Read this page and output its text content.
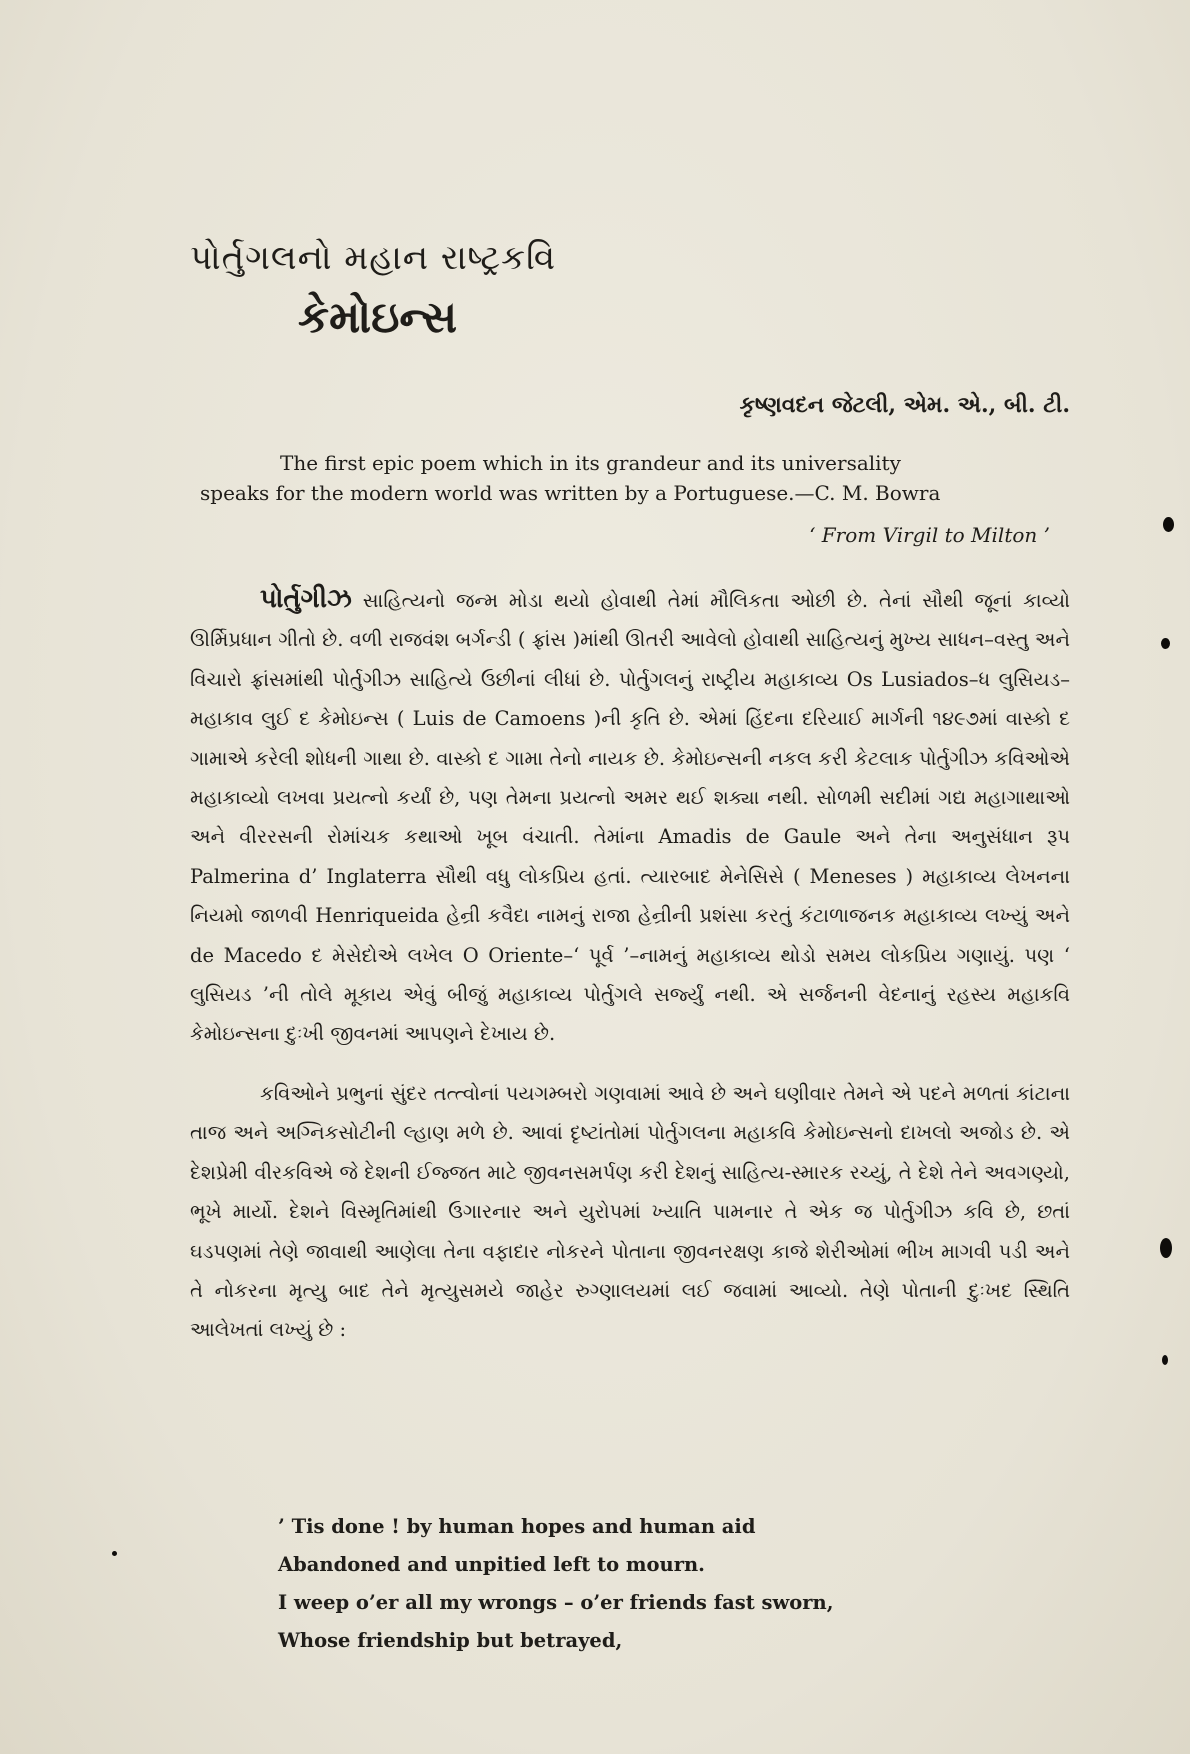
પોર્તુગલનો મહાન રાષ્ટ્રકવિ
કેમોઇન્સ
કૃષ્ણવદન જેટલી, એમ. એ., બી. ટી.
The first epic poem which in its grandeur and its universality
speaks for the modern world was written by a Portuguese.—C. M. Bowra
‘ From Virgil to Milton ’

પોર્તુગીઝ સાહિત્યનો જન્મ મોડા થયો હોવાથી તેમાં મૌલિકતા ઓછી છે. તેનાં સૌથી જૂનાં કાવ્યો ઊર્મિપ્રધાન ગીતો છે. વળી રાજવંશ બર્ગન્ડી ( ફ્રાંસ )માંથી ઊતરી આવેલો હોવાથી સાહિત્યનું મુખ્ય સાધન–વસ્તુ અને વિચારો ફ્રાંસમાંથી પોર્તુગીઝ સાહિત્યે ઉછીનાં લીધાં છે. પોર્તુગલનું રાષ્ટ્રીય મહાકાવ્ય Os Lusiados–ધ લુસિયડ–મહાકાવ લુઈ દ કેમોઇન્સ ( Luis de Camoens )ની કૃતિ છે. એમાં હિંદના દરિયાઈ માર્ગની ૧૪૯૭માં વાસ્કો દ ગામાએ કરેલી શોધની ગાથા છે. વાસ્કો દ ગામા તેનો નાયક છે. કેમોઇન્સની નકલ કરી કેટલાક પોર્તુગીઝ કવિઓએ મહાકાવ્યો લખવા પ્રયત્નો કર્યાં છે, પણ તેમના પ્રયત્નો અમર થઈ શક્યા નથી. સોળમી સદીમાં ગદ્ય મહાગાથાઓ અને વીરરસની રોમાંચક કથાઓ ખૂબ વંચાતી. તેમાંના Amadis de Gaule અને તેના અનુસંધાન રૂપ Palmerina d’ Inglaterra સૌથી વધુ લોકપ્રિય હતાં. ત્યારબાદ મેનેસિસે ( Meneses ) મહાકાવ્ય લેખનના નિયમો જાળવી Henriqueida હેન્રી કવૈદા નામનું રાજા હેન્રીની પ્રશંસા કરતું કંટાળાજનક મહાકાવ્ય લખ્યું અને de Macedo દ મેસેદોએ લખેલ O Oriente–‘ પૂર્વ ’–નામનું મહાકાવ્ય થોડો સમય લોકપ્રિય ગણાયું. પણ ‘ લુસિયડ ’ની તોલે મૂકાય એવું બીજું મહાકાવ્ય પોર્તુગલે સર્જ્યું નથી. એ સર્જનની વેદનાનું રહસ્ય મહાકવિ કેમોઇન્સના દુઃખી જીવનમાં આપણને દેખાય છે.

કવિઓને પ્રભુનાં સુંદર તત્ત્વોનાં પયગમ્બરો ગણવામાં આવે છે અને ઘણીવાર તેમને એ પદને મળતાં કાંટાના તાજ અને અગ્નિકસોટીની લ્હાણ મળે છે. આવાં દૃષ્ટાંતોમાં પોર્તુગલના મહાકવિ કેમોઇન્સનો દાખલો અજોડ છે. એ દેશપ્રેમી વીરકવિએ જે દેશની ઈજ્જત માટે જીવનસમર્પણ કરી દેશનું સાહિત્ય-સ્મારક રચ્યું, તે દેશે તેને અવગણ્યો, ભૂખે માર્યો. દેશને વિસ્મૃતિમાંથી ઉગારનાર અને યુરોપમાં ખ્યાતિ પામનાર તે એક જ પોર્તુગીઝ કવિ છે, છતાં ઘડપણમાં તેણે જાવાથી આણેલા તેના વફાદાર નોકરને પોતાના જીવનરક્ષણ કાજે શેરીઓમાં ભીખ માગવી પડી અને તે નોકરના મૃત્યુ બાદ તેને મૃત્યુસમયે જાહેર રુગ્ણાલયમાં લઈ જવામાં આવ્યો. તેણે પોતાની દુઃખદ સ્થિતિ આલેખતાં લખ્યું છે :

’ Tis done ! by human hopes and human aid
Abandoned and unpitied left to mourn.
I weep o’er all my wrongs – o’er friends fast sworn,
Whose friendship but betrayed,
